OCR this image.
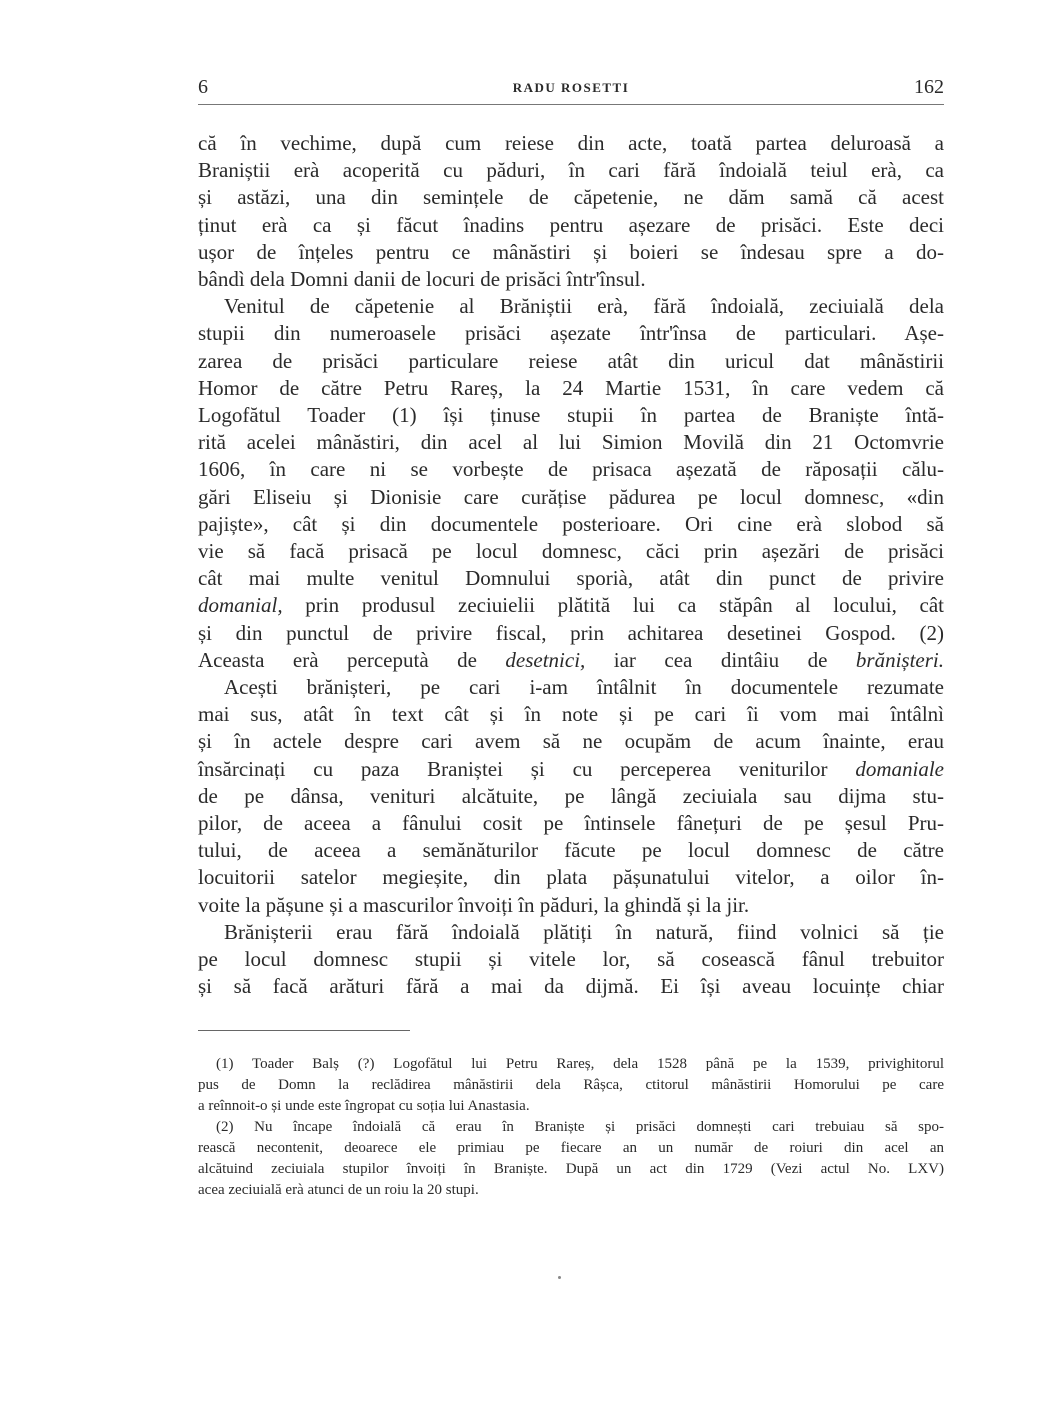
6	RADU ROSETTI	162

că în vechime, după cum reiese din acte, toată partea deluroasă a
Braniștii erà acoperită cu păduri, în cari fără îndoială teiul erà, ca
și astăzi, una din semințele de căpetenie, ne dăm samă că acest
ținut erà ca și făcut înadins pentru așezare de prisăci. Este deci
ușor de înțeles pentru ce mânăstiri și boieri se îndesau spre a do-
bândì dela Domni danii de locuri de prisăci într'însul.

Venitul de căpetenie al Brăniștii erà, fără îndoială, zeciuială dela
stupii din numeroasele prisăci așezate într'însa de particulari. Așe-
zarea de prisăci particulare reiese atât din uricul dat mânăstirii
Homor de către Petru Rareș, la 24 Martie 1531, în care vedem că
Logofătul Toader (1) își ținuse stupii în partea de Braniște întă-
rită acelei mânăstiri, din acel al lui Simion Movilă din 21 Octomvrie
1606, în care ni se vorbește de prisaca așezată de răposații călu-
gări Eliseiu și Dionisie care curățise pădurea pe locul domnesc, «din
pajiște», cât și din documentele posterioare. Ori cine erà slobod să
vie să facă prisacă pe locul domnesc, căci prin așezări de prisăci
cât mai multe venitul Domnului sporià, atât din punct de privire
domanial, prin produsul zeciuielii plătită lui ca stăpân al locului, cât
și din punctul de privire fiscal, prin achitarea desetinei Gospod. (2)
Aceasta erà perceputà de desetnici, iar cea dintâiu de brănișteri.

Acești brănișteri, pe cari i-am întâlnit în documentele rezumate
mai sus, atât în text cât și în note și pe cari îi vom mai întâlnì
și în actele despre cari avem să ne ocupăm de acum înainte, erau
însărcinați cu paza Braniștei și cu perceperea veniturilor domaniale
de pe dânsa, venituri alcătuite, pe lângă zeciuiala sau dijma stu-
pilor, de aceea a fânului cosit pe întinsele fânețuri de pe șesul Pru-
tului, de aceea a semănăturilor făcute pe locul domnesc de către
locuitorii satelor megieșite, din plata pășunatului vitelor, a oilor în-
voite la pășune și a mascurilor învoiți în păduri, la ghindă și la jir.

Brănișterii erau fără îndoială plătiți în natură, fiind volnici să ție
pe locul domnesc stupii și vitele lor, să cosească fânul trebuitor
și să facă arături fără a mai da dijmă. Ei își aveau locuințe chiar

(1) Toader Balș (?) Logofătul lui Petru Rareș, dela 1528 până pe la 1539, privighitorul
pus de Domn la reclădirea mânăstirii dela Râșca, ctitorul mânăstirii Homorului pe care
a reînnoit-o și unde este îngropat cu soția lui Anastasia.

(2) Nu încape îndoială că erau în Braniște și prisăci domnești cari trebuiau să spo-
rească necontenit, deoarece ele primiau pe fiecare an un număr de roiuri din acel an
alcătuind zeciuiala stupilor învoiți în Braniște. După un act din 1729 (Vezi actul No. LXV)
acea zeciuială erà atunci de un roiu la 20 stupi.
